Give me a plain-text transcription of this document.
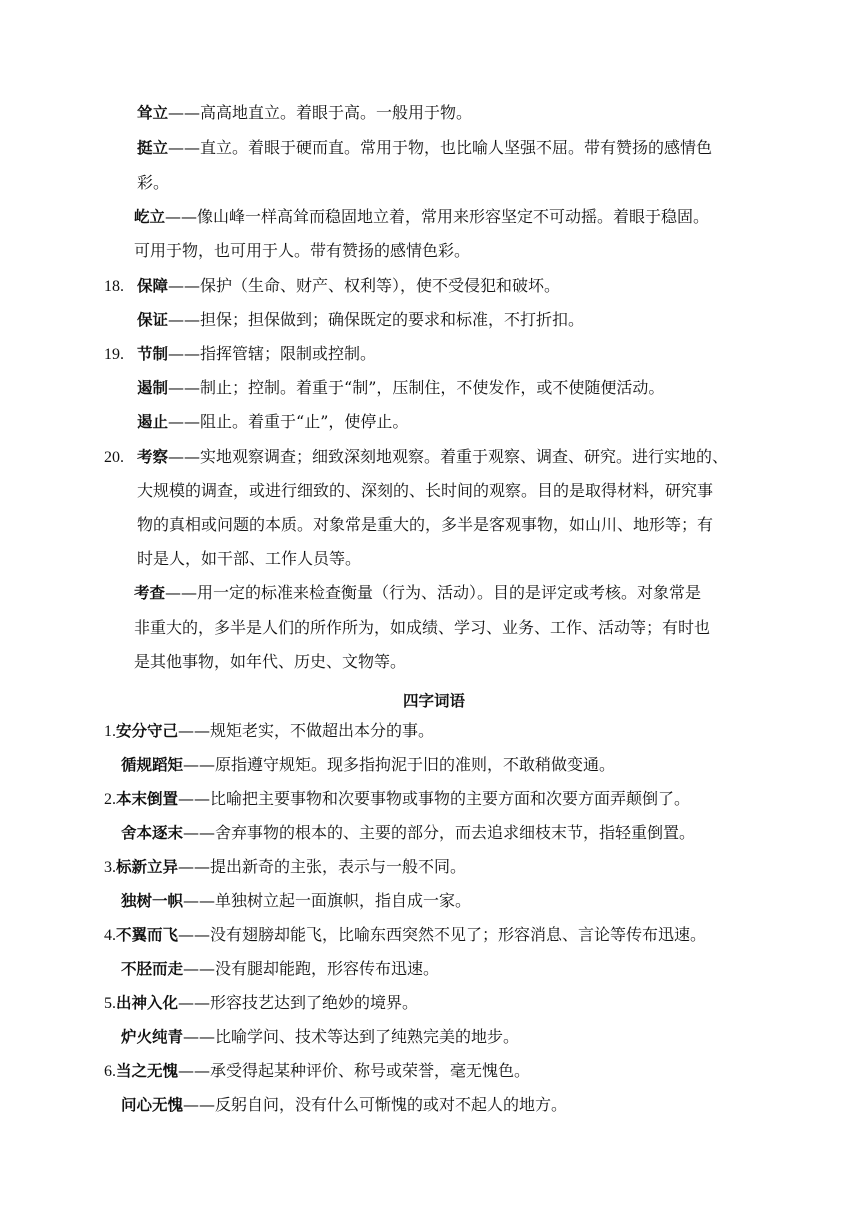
耸立——高高地直立。着眼于高。一般用于物。
挺立——直立。着眼于硬而直。常用于物，也比喻人坚强不屈。带有赞扬的感情色
彩。
屹立——像山峰一样高耸而稳固地立着，常用来形容坚定不可动摇。着眼于稳固。
可用于物，也可用于人。带有赞扬的感情色彩。
18. 保障——保护（生命、财产、权利等），使不受侵犯和破坏。
保证——担保；担保做到；确保既定的要求和标准，不打折扣。
19. 节制——指挥管辖；限制或控制。
遏制——制止；控制。着重于“制”，压制住，不使发作，或不使随便活动。
遏止——阻止。着重于“止”，使停止。
20. 考察——实地观察调查；细致深刻地观察。着重于观察、调查、研究。进行实地的、
大规模的调查，或进行细致的、深刻的、长时间的观察。目的是取得材料，研究事
物的真相或问题的本质。对象常是重大的，多半是客观事物，如山川、地形等；有
时是人，如干部、工作人员等。
考查——用一定的标准来检查衡量（行为、活动）。目的是评定或考核。对象常是
非重大的，多半是人们的所作所为，如成绩、学习、业务、工作、活动等；有时也
是其他事物，如年代、历史、文物等。
四字词语
1.安分守己——规矩老实，不做超出本分的事。
循规蹈矩——原指遵守规矩。现多指拘泥于旧的准则，不敢稍做变通。
2.本末倒置——比喻把主要事物和次要事物或事物的主要方面和次要方面弄颠倒了。
舍本逐末——舍弃事物的根本的、主要的部分，而去追求细枝末节，指轻重倒置。
3.标新立异——提出新奇的主张，表示与一般不同。
独树一帜——单独树立起一面旗帜，指自成一家。
4.不翼而飞——没有翅膀却能飞，比喻东西突然不见了；形容消息、言论等传布迅速。
不胫而走——没有腿却能跑，形容传布迅速。
5.出神入化——形容技艺达到了绝妙的境界。
炉火纯青——比喻学问、技术等达到了纯熟完美的地步。
6.当之无愧——承受得起某种评价、称号或荣誉，毫无愧色。
问心无愧——反躬自问，没有什么可惭愧的或对不起人的地方。
